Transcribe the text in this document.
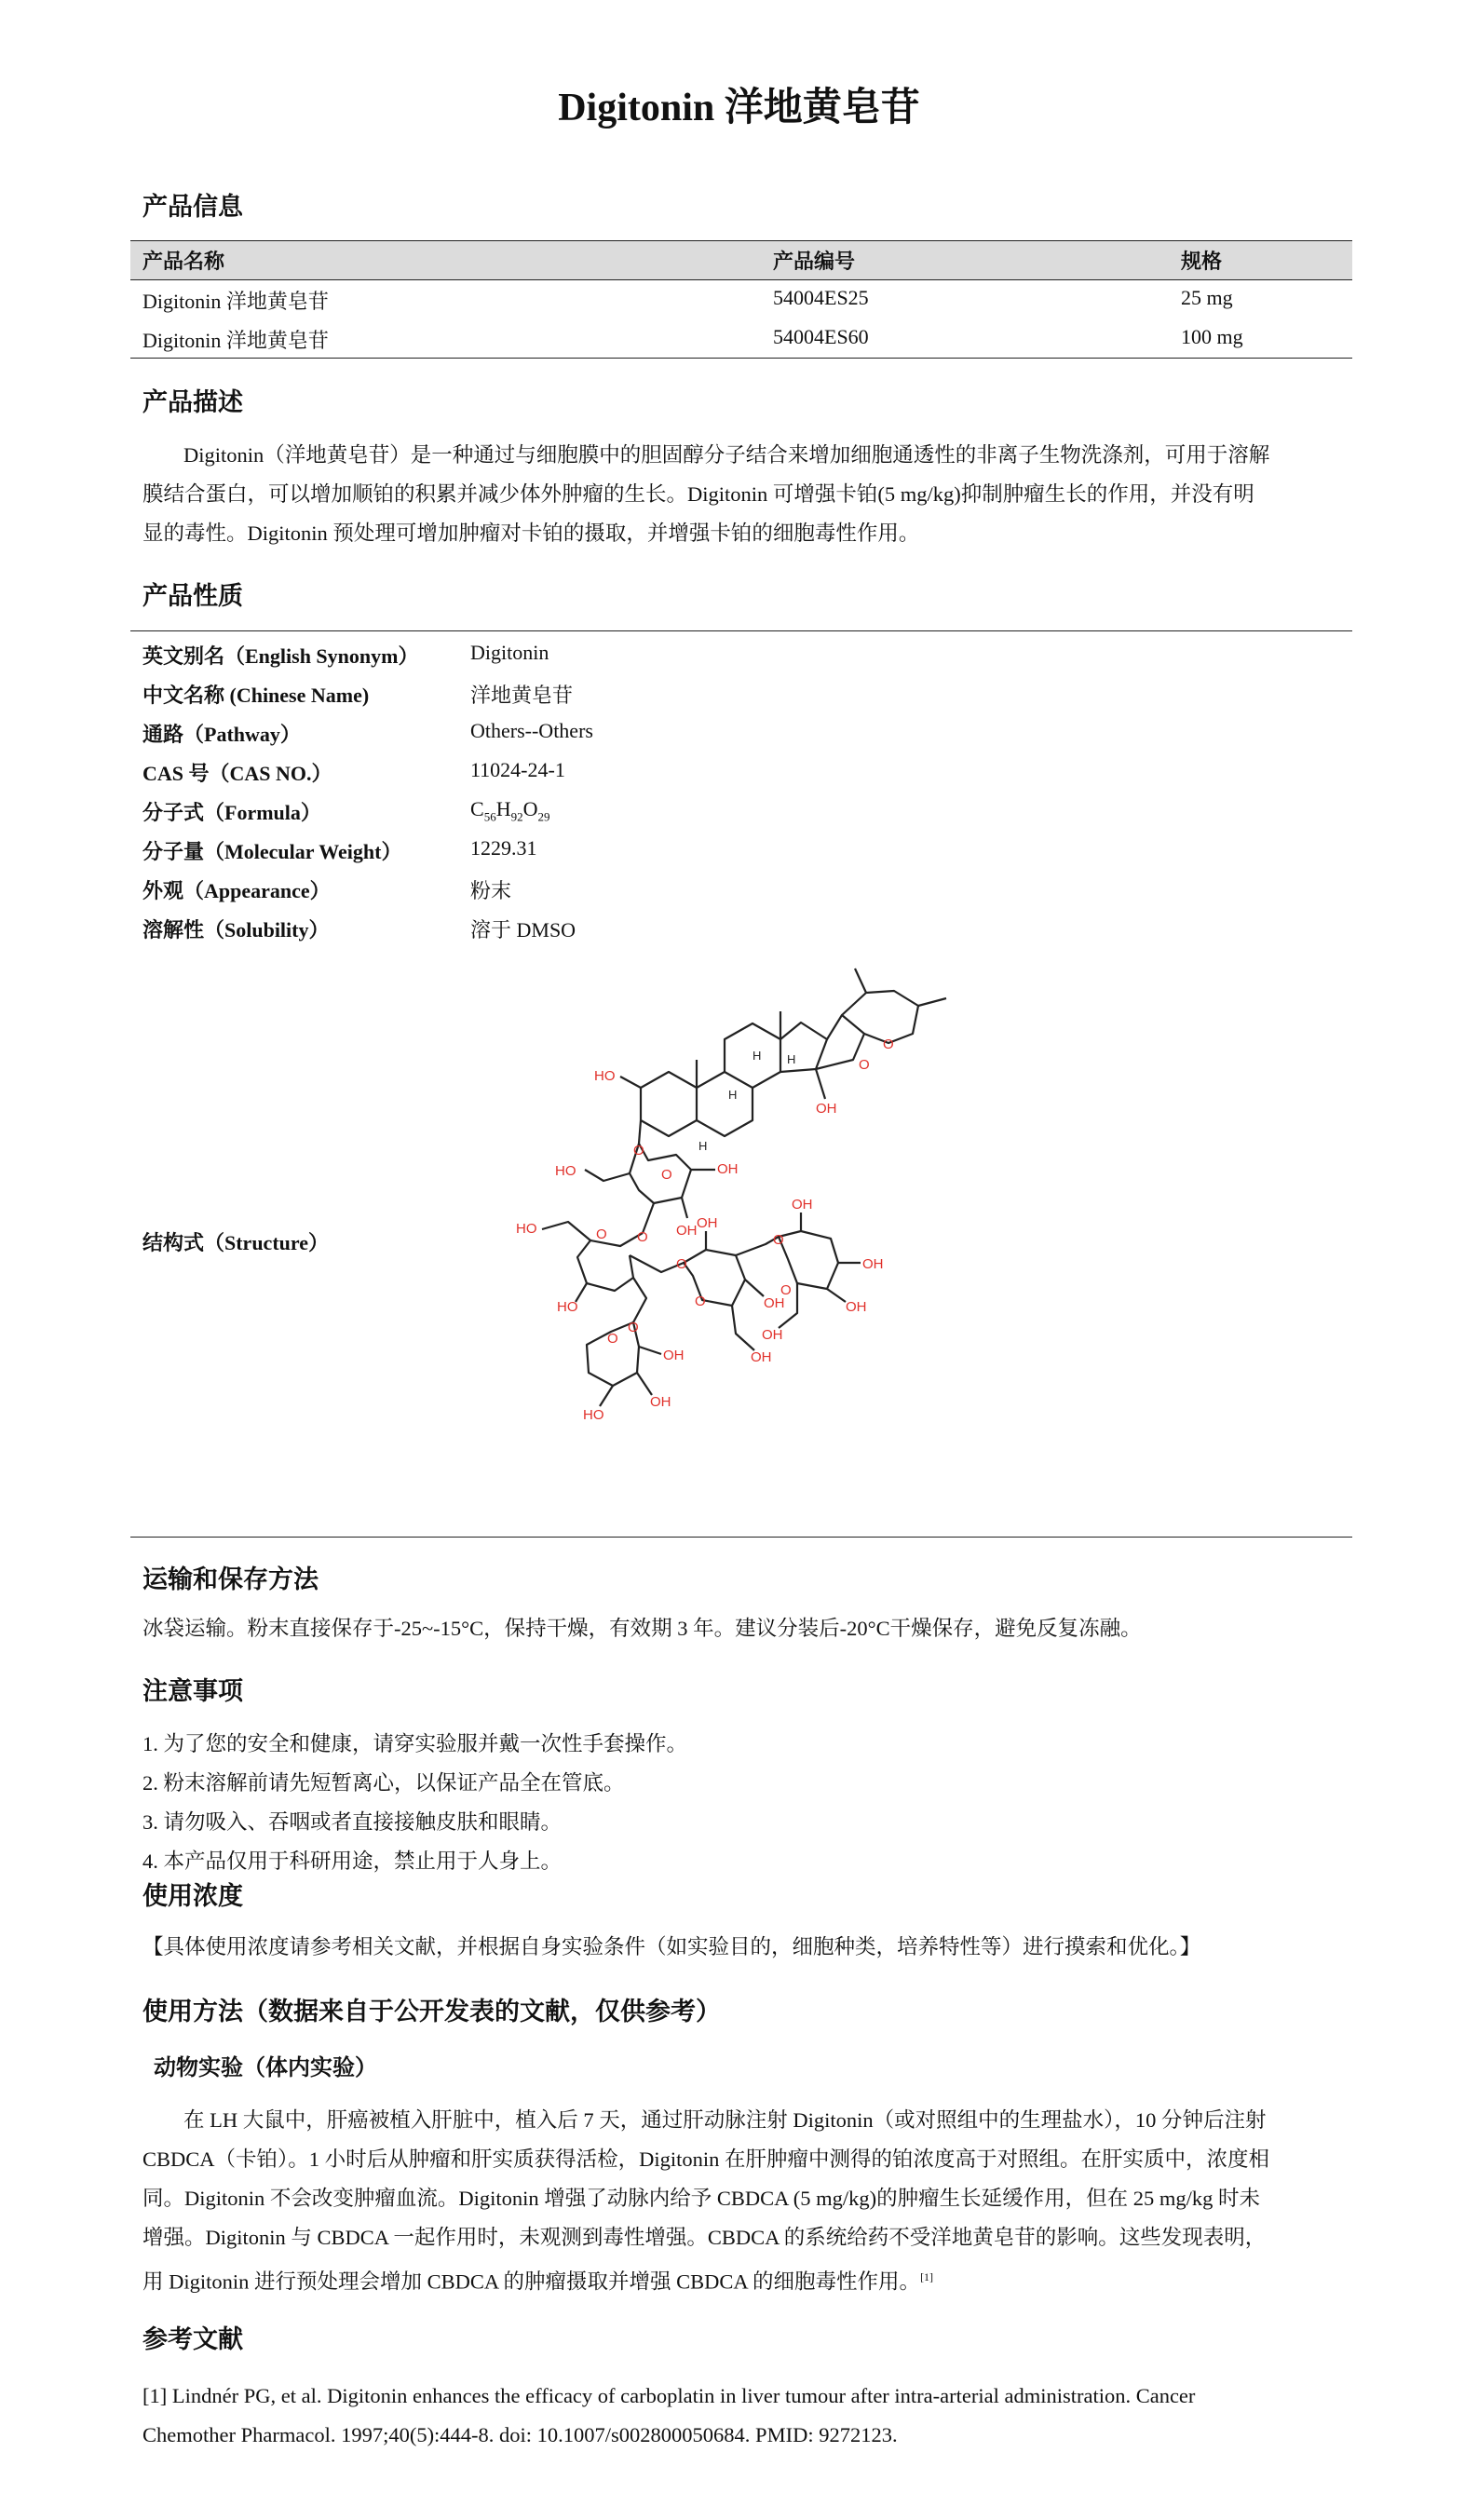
Digitonin 洋地黄皂苷
产品信息
产品名称	产品编号	规格
Digitonin 洋地黄皂苷	54004ES25	25 mg
Digitonin 洋地黄皂苷	54004ES60	100 mg
产品描述
Digitonin（洋地黄皂苷）是一种通过与细胞膜中的胆固醇分子结合来增加细胞通透性的非离子生物洗涤剂，可用于溶解
膜结合蛋白，可以增加顺铂的积累并减少体外肿瘤的生长。Digitonin 可增强卡铂(5 mg/kg)抑制肿瘤生长的作用，并没有明
显的毒性。Digitonin 预处理可增加肿瘤对卡铂的摄取，并增强卡铂的细胞毒性作用。
产品性质
英文别名（English Synonym）	Digitonin
中文名称 (Chinese Name)	洋地黄皂苷
通路（Pathway）	Others--Others
CAS 号（CAS NO.）	11024-24-1
分子式（Formula）	$C_{56}H_{92}O_{29}$
分子量（Molecular Weight）	1229.31
外观（Appearance）	粉末
溶解性（Solubility）	溶于 DMSO
结构式（Structure）
HO
O
OH
O
O
H H
H
H
OH
OH
HO	O
O
HO
HO
O
O
O
OH
OH
HO
O
OH
OH
OH
O
O
OH
OH
OH
OH
O
运输和保存方法
冰袋运输。粉末直接保存于-25~-15°C，保持干燥，有效期 3 年。建议分装后-20°C干燥保存，避免反复冻融。
注意事项
1. 为了您的安全和健康，请穿实验服并戴一次性手套操作。
2. 粉末溶解前请先短暂离心，以保证产品全在管底。
3. 请勿吸入、吞咽或者直接接触皮肤和眼睛。
4. 本产品仅用于科研用途，禁止用于人身上。
使用浓度
【具体使用浓度请参考相关文献，并根据自身实验条件（如实验目的，细胞种类，培养特性等）进行摸索和优化。】
使用方法（数据来自于公开发表的文献，仅供参考）
动物实验（体内实验）
在 LH 大鼠中，肝癌被植入肝脏中，植入后 7 天，通过肝动脉注射 Digitonin（或对照组中的生理盐水），10 分钟后注射
CBDCA（卡铂）。1 小时后从肿瘤和肝实质获得活检，Digitonin 在肝肿瘤中测得的铂浓度高于对照组。在肝实质中，浓度相
同。Digitonin 不会改变肿瘤血流。Digitonin 增强了动脉内给予 CBDCA (5 mg/kg)的肿瘤生长延缓作用，但在 25 mg/kg 时未
增强。Digitonin 与 CBDCA 一起作用时，未观测到毒性增强。CBDCA 的系统给药不受洋地黄皂苷的影响。这些发现表明，
用 Digitonin 进行预处理会增加 CBDCA 的肿瘤摄取并增强 CBDCA 的细胞毒性作用。[1]
参考文献
[1] Lindnér PG, et al. Digitonin enhances the efficacy of carboplatin in liver tumour after intra-arterial administration. Cancer
Chemother Pharmacol. 1997;40(5):444-8. doi: 10.1007/s002800050684. PMID: 9272123.
